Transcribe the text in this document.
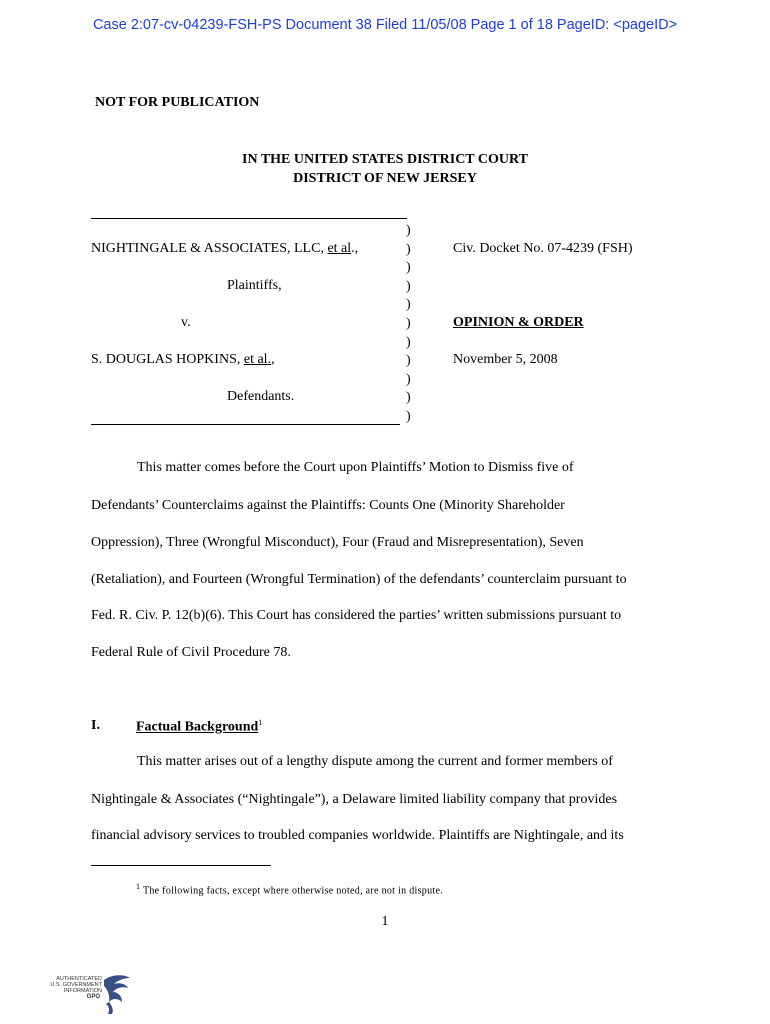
Case 2:07-cv-04239-FSH-PS Document 38 Filed 11/05/08 Page 1 of 18 PageID: <pageID>
NOT FOR PUBLICATION
IN THE UNITED STATES DISTRICT COURT
DISTRICT OF NEW JERSEY
NIGHTINGALE & ASSOCIATES, LLC, et al.,
Plaintiffs,
v.
S. DOUGLAS HOPKINS, et al.,
Defendants.
)
)
)
)
)
)
)
)
)
)
)
Civ. Docket No. 07-4239 (FSH)
OPINION & ORDER
November 5, 2008
This matter comes before the Court upon Plaintiffs’ Motion to Dismiss five of
Defendants’ Counterclaims against the Plaintiffs: Counts One (Minority Shareholder
Oppression), Three (Wrongful Misconduct), Four (Fraud and Misrepresentation), Seven
(Retaliation), and Fourteen (Wrongful Termination) of the defendants’ counterclaim pursuant to
Fed. R. Civ. P. 12(b)(6). This Court has considered the parties’ written submissions pursuant to
Federal Rule of Civil Procedure 78.
I.	Factual Background$^1$
This matter arises out of a lengthy dispute among the current and former members of
Nightingale & Associates (“Nightingale”), a Delaware limited liability company that provides
financial advisory services to troubled companies worldwide. Plaintiffs are Nightingale, and its
$^1$ The following facts, except where otherwise noted, are not in dispute.
1
AUTHENTICATED
U.S. GOVERNMENT
INFORMATION
GPO
